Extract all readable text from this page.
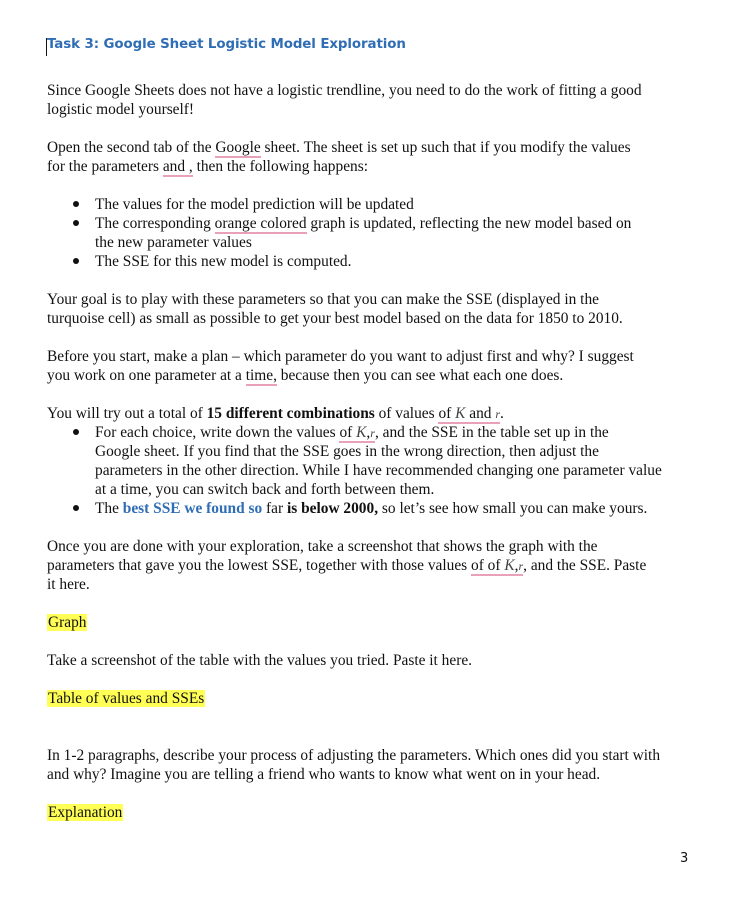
Task 3: Google Sheet Logistic Model Exploration
Since Google Sheets does not have a logistic trendline, you need to do the work of fitting a good
logistic model yourself!
Open the second tab of the Google sheet. The sheet is set up such that if you modify the values
for the parameters and , then the following happens:
The values for the model prediction will be updated
The corresponding orange colored graph is updated, reflecting the new model based on
the new parameter values
The SSE for this new model is computed.
Your goal is to play with these parameters so that you can make the SSE (displayed in the
turquoise cell) as small as possible to get your best model based on the data for 1850 to 2010.
Before you start, make a plan – which parameter do you want to adjust first and why? I suggest
you work on one parameter at a time, because then you can see what each one does.
You will try out a total of 15 different combinations of values of K and r.
For each choice, write down the values of K,r, and the SSE in the table set up in the
Google sheet. If you find that the SSE goes in the wrong direction, then adjust the
parameters in the other direction. While I have recommended changing one parameter value
at a time, you can switch back and forth between them.
The best SSE we found so far is below 2000, so let’s see how small you can make yours.
Once you are done with your exploration, take a screenshot that shows the graph with the
parameters that gave you the lowest SSE, together with those values of of K,r, and the SSE. Paste
it here.
Graph
Take a screenshot of the table with the values you tried. Paste it here.
Table of values and SSEs
In 1-2 paragraphs, describe your process of adjusting the parameters. Which ones did you start with
and why? Imagine you are telling a friend who wants to know what went on in your head.
Explanation
3
